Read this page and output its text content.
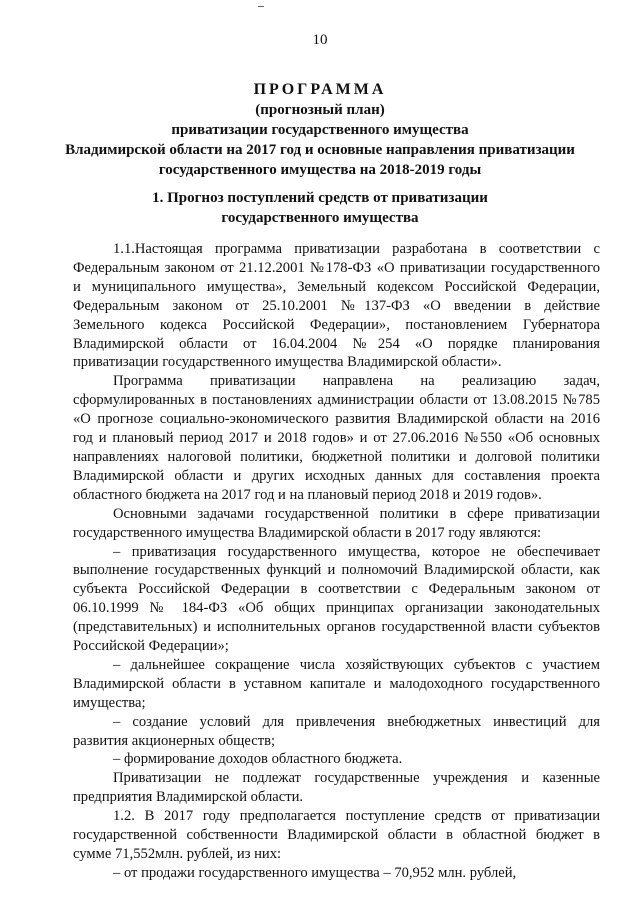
10
ПРОГРАММА
(прогнозный план)
приватизации государственного имущества
Владимирской области на 2017 год и основные направления приватизации
государственного имущества на 2018-2019 годы
1. Прогноз поступлений средств от приватизации
государственного имущества
1.1.Настоящая программа приватизации разработана в соответствии с
Федеральным законом от 21.12.2001 №178-ФЗ «О приватизации государственного
и муниципального имущества», Земельный кодексом Российской Федерации,
Федеральным законом от 25.10.2001 №137-ФЗ «О введении в действие
Земельного кодекса Российской Федерации», постановлением Губернатора
Владимирской области от 16.04.2004 №254 «О порядке планирования
приватизации государственного имущества Владимирской области».
Программа приватизации направлена на реализацию задач,
сформулированных в постановлениях администрации области от 13.08.2015 №785
«О прогнозе социально-экономического развития Владимирской области на 2016
год и плановый период 2017 и 2018 годов» и от 27.06.2016 №550 «Об основных
направлениях налоговой политики, бюджетной политики и долговой политики
Владимирской области и других исходных данных для составления проекта
областного бюджета на 2017 год и на плановый период 2018 и 2019 годов».
Основными задачами государственной политики в сфере приватизации
государственного имущества Владимирской области в 2017 году являются:
– приватизация государственного имущества, которое не обеспечивает
выполнение государственных функций и полномочий Владимирской области, как
субъекта Российской Федерации в соответствии с Федеральным законом от
06.10.1999 № 184-ФЗ «Об общих принципах организации законодательных
(представительных) и исполнительных органов государственной власти субъектов
Российской Федерации»;
– дальнейшее сокращение числа хозяйствующих субъектов с участием
Владимирской области в уставном капитале и малодоходного государственного
имущества;
– создание условий для привлечения внебюджетных инвестиций для
развития акционерных обществ;
– формирование доходов областного бюджета.
Приватизации не подлежат государственные учреждения и казенные
предприятия Владимирской области.
1.2. В 2017 году предполагается поступление средств от приватизации
государственной собственности Владимирской области в областной бюджет в
сумме 71,552млн. рублей, из них:
– от продажи государственного имущества – 70,952 млн. рублей,
